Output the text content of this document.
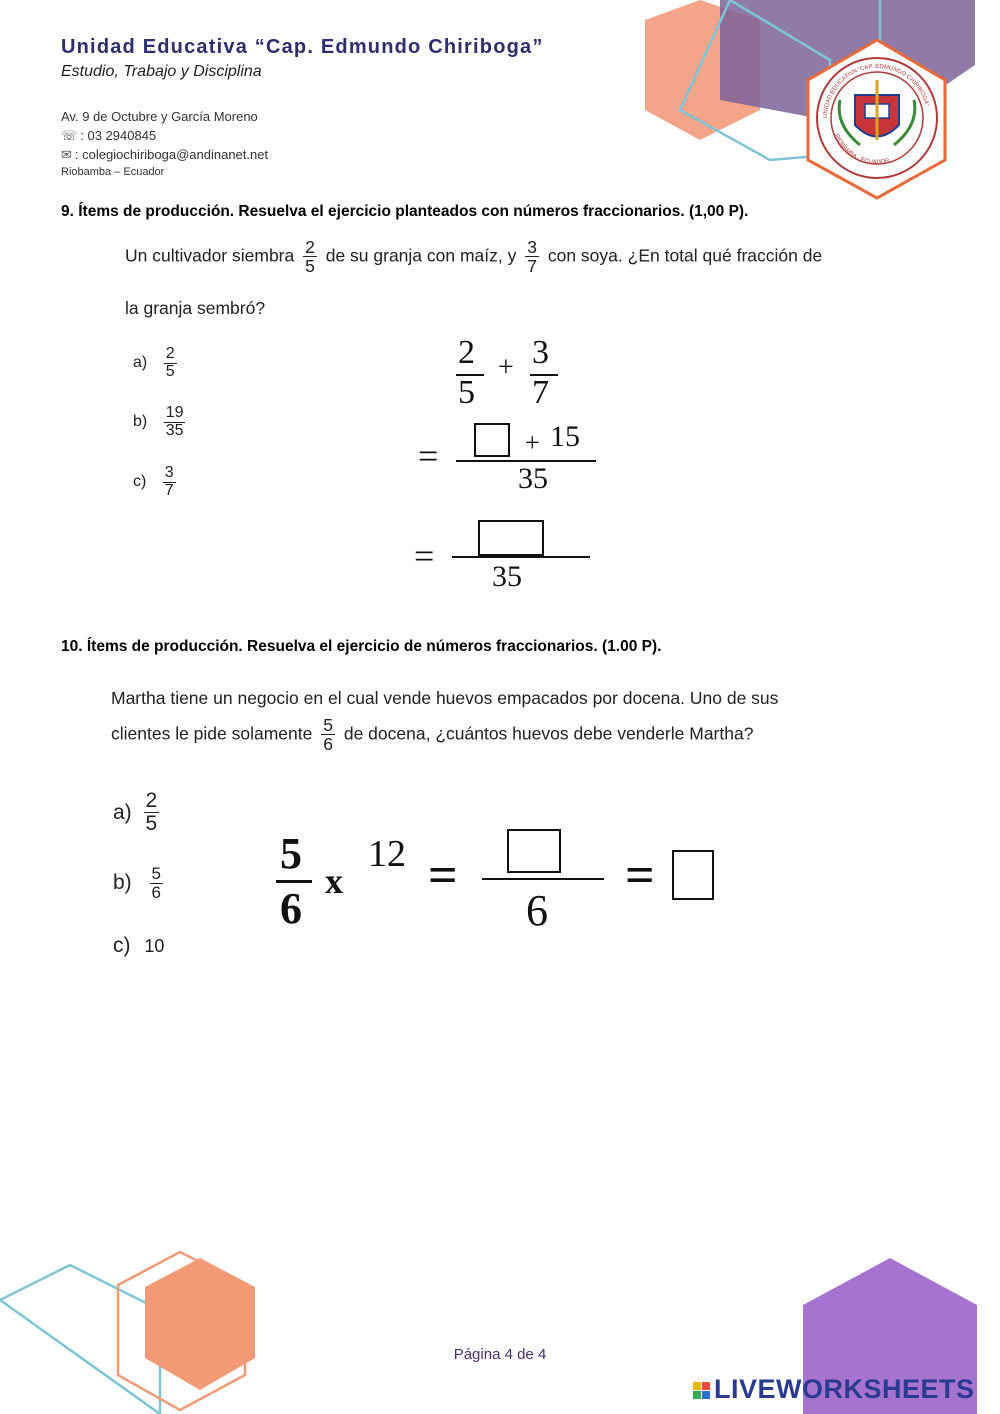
UNIDAD EDUCATIVA "CAP. EDMUNDO CHIRIBOGA"
RIOBAMBA - ECUADOR
Unidad Educativa “Cap. Edmundo Chiriboga”
Estudio, Trabajo y Disciplina
Av. 9 de Octubre y García Moreno
☏ : 03 2940845
✉ : colegiochiriboga@andinanet.net
Riobamba – Ecuador
9. Ítems de producción. Resuelva el ejercicio planteados con números fraccionarios. (1,00 P).
Un cultivador siembra $\frac{2}{5}$ de su granja con maíz, y $\frac{3}{7}$ con soya. ¿En total qué fracción de
la granja sembró?
$a) \frac{2}{5}$
$b) \frac{19}{35}$
$c) \frac{3}{7}$
2
5
+ 3
7
=	+ 15
35
=
35
10. Ítems de producción. Resuelva el ejercicio de números fraccionarios. (1.00 P).
Martha tiene un negocio en el cual vende huevos empacados por docena. Uno de sus
clientes le pide solamente $\frac{5}{6}$ de docena, ¿cuántos huevos debe venderle Martha?
$a) \frac{2}{5}$
$b) \frac{5}{6}$
c) 10
5
6
x
12 =
6
=
Página 4 de 4
LIVEWORKSHEETS
